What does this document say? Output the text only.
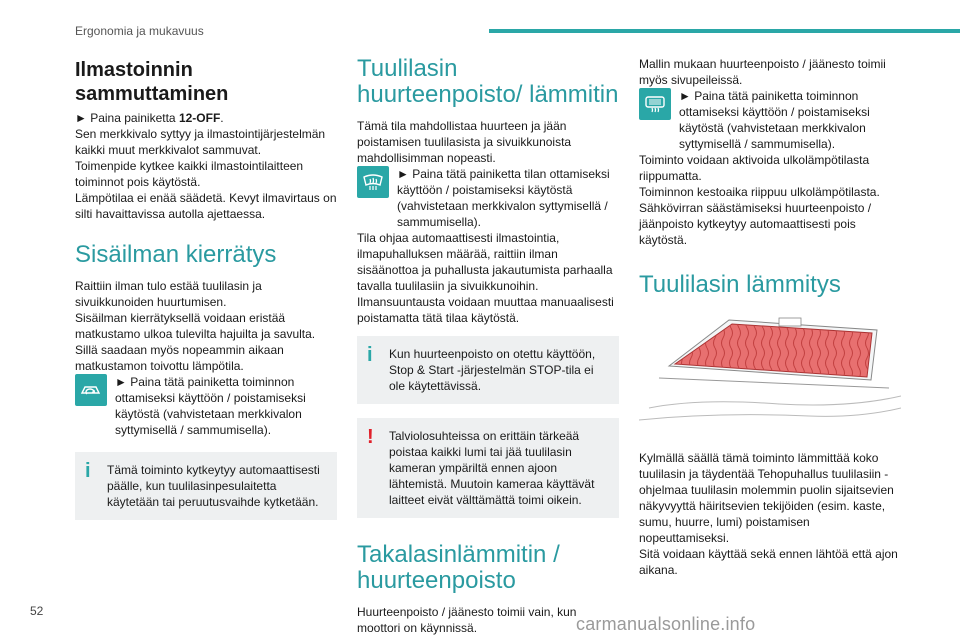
Ergonomia ja mukavuus
Ilmastoinnin sammuttaminen

► Paina painiketta 12-OFF.

Sen merkkivalo syttyy ja ilmastointijärjestelmän kaikki muut merkkivalot sammuvat.

Toimenpide kytkee kaikki ilmastointilaitteen toiminnot pois käytöstä.

Lämpötilaa ei enää säädetä. Kevyt ilmavirtaus on silti havaittavissa autolla ajettaessa.

Sisäilman kierrätys

Raittiin ilman tulo estää tuulilasin ja sivuikkunoiden huurtumisen.

Sisäilman kierrätyksellä voidaan eristää matkustamo ulkoa tulevilta hajuilta ja savulta.

Sillä saadaan myös nopeammin aikaan matkustamon toivottu lämpötila.

► Paina tätä painiketta toiminnon ottamiseksi käyttöön / poistamiseksi käytöstä (vahvistetaan merkkivalon syttymisellä / sammumisella).

i	Tämä toiminto kytkeytyy automaattisesti päälle, kun tuulilasinpesulaitetta käytetään tai peruutusvaihde kytketään.

Tuulilasin huurteenpoisto/ lämmitin

Tämä tila mahdollistaa huurteen ja jään poistamisen tuulilasista ja sivuikkunoista mahdollisimman nopeasti.

► Paina tätä painiketta tilan ottamiseksi käyttöön / poistamiseksi käytöstä (vahvistetaan merkkivalon syttymisellä / sammumisella).

Tila ohjaa automaattisesti ilmastointia, ilmapuhalluksen määrää, raittiin ilman sisäänottoa ja puhallusta jakautumista parhaalla tavalla tuulilasiin ja sivuikkunoihin.

Ilmansuuntausta voidaan muuttaa manuaalisesti poistamatta tätä tilaa käytöstä.

i	Kun huurteenpoisto on otettu käyttöön, Stop & Start -järjestelmän STOP-tila ei ole käytettävissä.

!	Talviolosuhteissa on erittäin tärkeää poistaa kaikki lumi tai jää tuulilasin kameran ympäriltä ennen ajoon lähtemistä. Muutoin kameraa käyttävät laitteet eivät välttämättä toimi oikein.

Takalasinlämmitin / huurteenpoisto

Huurteenpoisto / jäänesto toimii vain, kun moottori on käynnissä.

Mallin mukaan huurteenpoisto / jäänesto toimii myös sivupeileissä.

► Paina tätä painiketta toiminnon ottamiseksi käyttöön / poistamiseksi käytöstä (vahvistetaan merkkivalon syttymisellä / sammumisella).

Toiminto voidaan aktivoida ulkolämpötilasta riippumatta.

Toiminnon kestoaika riippuu ulkolämpötilasta.

Sähkövirran säästämiseksi huurteenpoisto / jäänpoisto kytkeytyy automaattisesti pois käytöstä.

Tuulilasin lämmitys

Kylmällä säällä tämä toiminto lämmittää koko tuulilasin ja täydentää Tehopuhallus tuulilasiin -ohjelmaa tuulilasin molemmin puolin sijaitsevien näkyvyyttä häiritsevien tekijöiden (esim. kaste, sumu, huurre, lumi) poistamisen nopeuttamiseksi.

Sitä voidaan käyttää sekä ennen lähtöä että ajon aikana.

52
carmanualsonline.info
